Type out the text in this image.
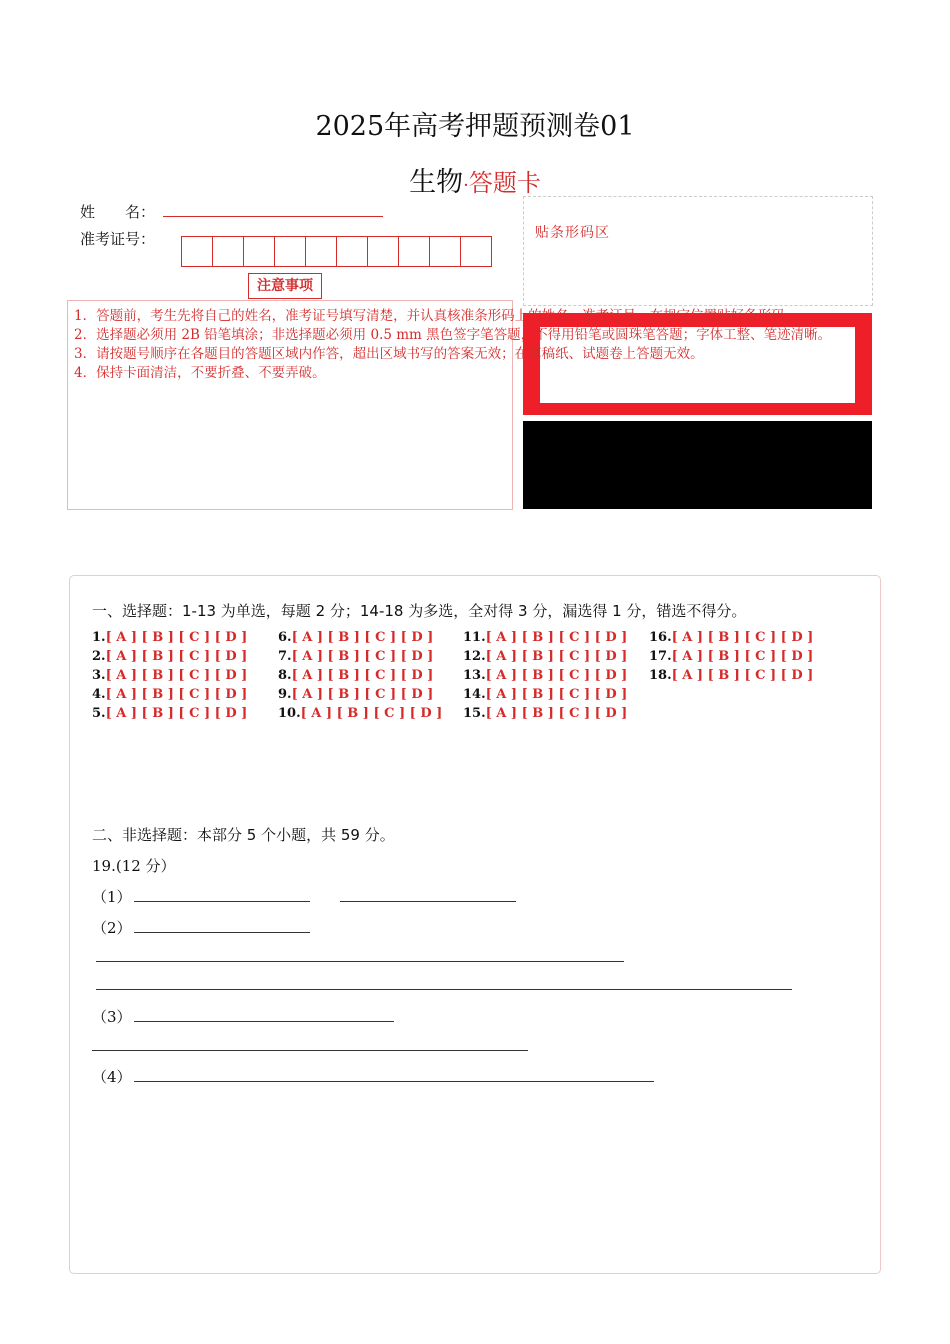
2025年高考押题预测卷01
生物·答题卡
姓　　名：
准考证号：	贴条形码区
注意事项
1．答题前，考生先将自己的姓名，准考证号填写清楚，并认真核准条形码上的姓名、准考证号，在规定位置贴好条形码。
2．选择题必须用 2B 铅笔填涂；非选择题必须用 0.5 mm 黑色签字笔答题，不得用铅笔或圆珠笔答题；字体工整、笔迹清晰。
3．请按题号顺序在各题目的答题区域内作答，超出区域书写的答案无效；在草稿纸、试题卷上答题无效。
4．保持卡面清洁，不要折叠、不要弄破。
一、选择题：1-13 为单选，每题 2 分；14-18 为多选，全对得 3 分，漏选得 1 分，错选不得分。
1.[ A ] [ B ] [ C ] [ D ]
2.[ A ] [ B ] [ C ] [ D ]
3.[ A ] [ B ] [ C ] [ D ]
4.[ A ] [ B ] [ C ] [ D ]
5.[ A ] [ B ] [ C ] [ D ]
6.[ A ] [ B ] [ C ] [ D ]
7.[ A ] [ B ] [ C ] [ D ]
8.[ A ] [ B ] [ C ] [ D ]
9.[ A ] [ B ] [ C ] [ D ]
10.[ A ] [ B ] [ C ] [ D ]
11.[ A ] [ B ] [ C ] [ D ]
12.[ A ] [ B ] [ C ] [ D ]
13.[ A ] [ B ] [ C ] [ D ]
14.[ A ] [ B ] [ C ] [ D ]
15.[ A ] [ B ] [ C ] [ D ]
16.[ A ] [ B ] [ C ] [ D ]
17.[ A ] [ B ] [ C ] [ D ]
18.[ A ] [ B ] [ C ] [ D ]
二、非选择题：本部分 5 个小题，共 59 分。
19.(12 分）
（1）
（2）
（3）
（4）
